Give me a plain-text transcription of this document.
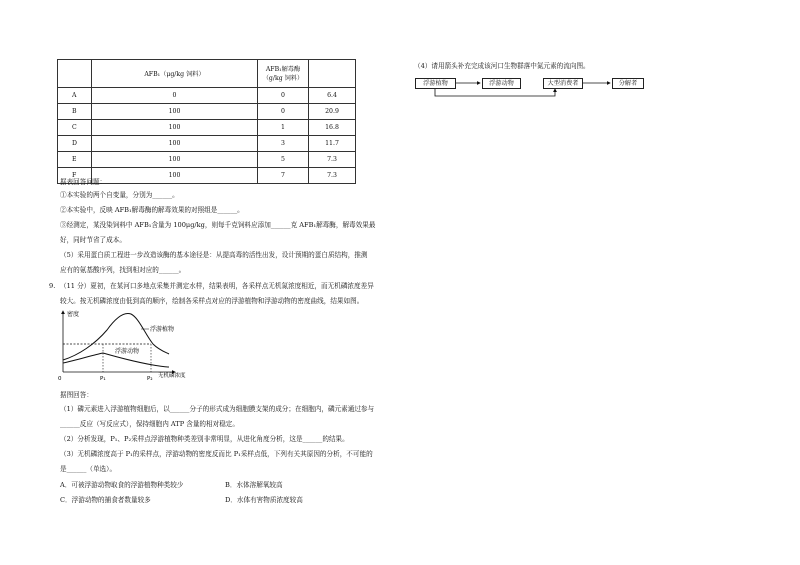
	AFB₁（μg/kg 饲料）	AFB₁解毒酶（g/kg 饲料）	
A	0	0	6.4
B	100	0	20.9
C	100	1	16.8
D	100	3	11.7
E	100	5	7.3
F	100	7	7.3
据表回答问题：
①本实验的两个自变量，分别为______。
②本实验中，反映 AFB₁解毒酶的解毒效果的对照组是______。
③经测定，某没染饲料中 AFB₁含量为 100μg/kg，则每千克饲料应添加______克 AFB₁解毒酶，解毒效果最
好，同时节省了成本。
（5）采用蛋白质工程进一步改造该酶的基本途径是：从提高毒的活性出发，设计预期的蛋白质结构，推测
应有的氨基酸序列，找到相对应的______。
9. （11 分）夏初，在某河口多地点采集并测定水样，结果表明，各采样点无机氮浓度相近，而无机磷浓度差异
较大。按无机磷浓度由低到高的顺序，绘制各采样点对应的浮游植物和浮游动物的密度曲线，结果如图。
密度
0	P₁	P₂ 无机磷浓度
浮游植物
浮游动物
据图回答：
（1）磷元素进入浮游植物细胞后，以______分子的形式成为细胞膜支架的成分；在细胞内，磷元素通过参与
______反应（写反应式），保持细胞内 ATP 含量的相对稳定。
（2）分析发现，P₁、P₂采样点浮游植物种类差别非常明显，从进化角度分析，这是______的结果。
（3）无机磷浓度高于 P₁的采样点，浮游动物的密度反而比 P₁采样点低，下列有关其原因的分析，不可能的
是______（单选）。
A．可被浮游动物取食的浮游植物种类较少	B．水体溶解氧较高
C．浮游动物的捕食者数量较多	D．水体有害物质浓度较高
（4）请用箭头补充完成该河口生物群落中氮元素的流向图。
浮游植物	浮游动物	大型消费者	分解者
